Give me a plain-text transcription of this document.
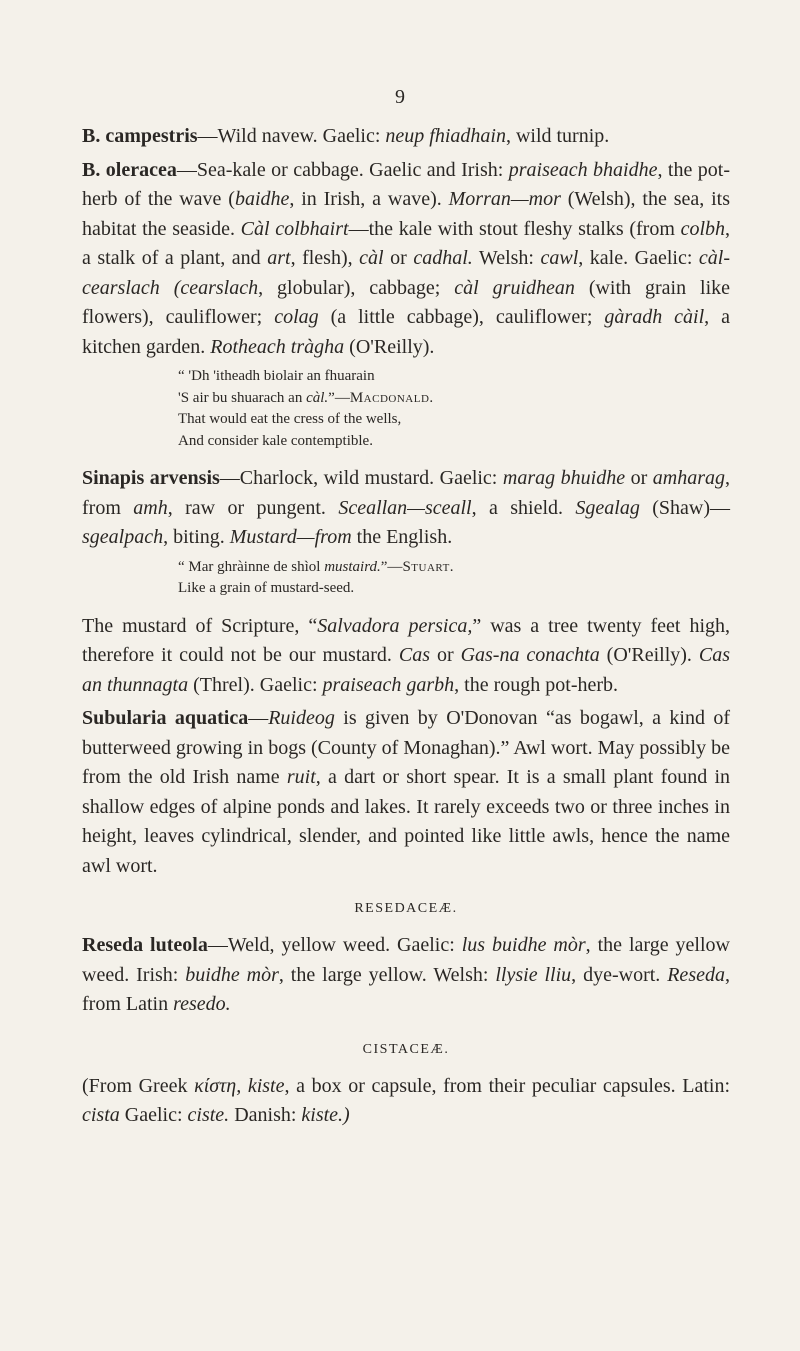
9

B. campestris—Wild navew. Gaelic: neup fhiadhain, wild turnip.

B. oleracea—Sea-kale or cabbage. Gaelic and Irish: praiseach bhaidhe, the pot-herb of the wave (baidhe, in Irish, a wave). Morran—mor (Welsh), the sea, its habitat the seaside. Càl colbhairt—the kale with stout fleshy stalks (from colbh, a stalk of a plant, and art, flesh), càl or cadhal. Welsh: cawl, kale. Gaelic: càl-cearslach (cearslach, globular), cabbage; càl gruidhean (with grain like flowers), cauliflower; colag (a little cabbage), cauliflower; gàradh càil, a kitchen garden. Rotheach tràgha (O'Reilly).

“ 'Dh 'itheadh biolair an fhuarain
'S air bu shuarach an càl.”—Macdonald.
That would eat the cress of the wells,
And consider kale contemptible.

Sinapis arvensis—Charlock, wild mustard. Gaelic: marag bhuidhe or amharag, from amh, raw or pungent. Sceallan—sceall, a shield. Sgealag (Shaw)—sgealpach, biting. Mustard—from the English.

“ Mar ghràinne de shìol mustaird.”—Stuart.
Like a grain of mustard-seed.

The mustard of Scripture, “Salvadora persica,” was a tree twenty feet high, therefore it could not be our mustard. Cas or Gas-na conachta (O'Reilly). Cas an thunnagta (Threl). Gaelic: praiseach garbh, the rough pot-herb.

Subularia aquatica—Ruideog is given by O'Donovan “as bogawl, a kind of butterweed growing in bogs (County of Monaghan).” Awl wort. May possibly be from the old Irish name ruit, a dart or short spear. It is a small plant found in shallow edges of alpine ponds and lakes. It rarely exceeds two or three inches in height, leaves cylindrical, slender, and pointed like little awls, hence the name awl wort.

RESEDACEÆ.

Reseda luteola—Weld, yellow weed. Gaelic: lus buidhe mòr, the large yellow weed. Irish: buidhe mòr, the large yellow. Welsh: llysie lliu, dye-wort. Reseda, from Latin resedo.

CISTACEÆ.

(From Greek κίστη, kiste, a box or capsule, from their peculiar capsules. Latin: cista Gaelic: ciste. Danish: kiste.)
